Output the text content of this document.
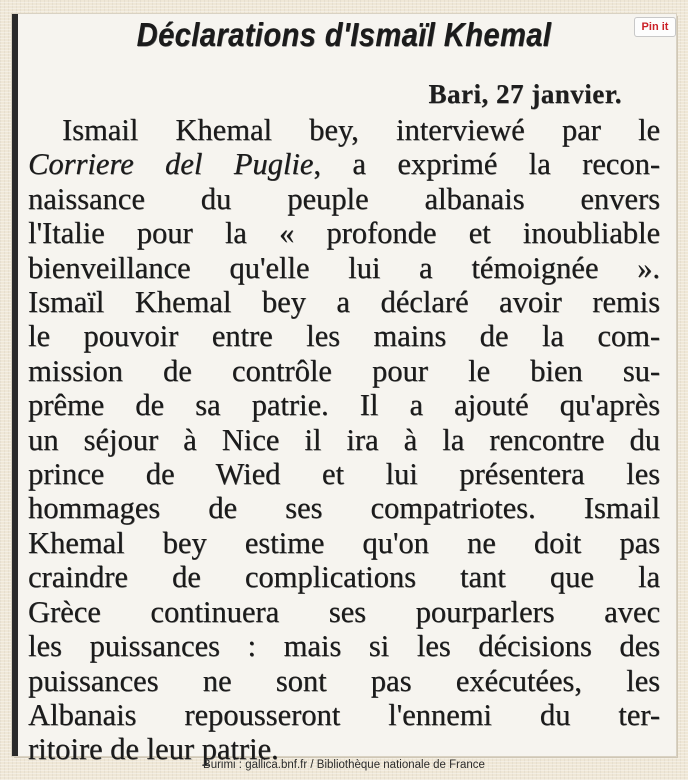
Déclarations d'Ismaïl Khemal	Pin it
Bari, 27 janvier.
Ismail Khemal bey, interviewé par le
Corriere del Puglie, a exprimé la recon-
naissance du peuple albanais envers
l'Italie pour la « profonde et inoubliable
bienveillance qu'elle lui a témoignée ».
Ismaïl Khemal bey a déclaré avoir remis
le pouvoir entre les mains de la com-
mission de contrôle pour le bien su-
prême de sa patrie. Il a ajouté qu'après
un séjour à Nice il ira à la rencontre du
prince de Wied et lui présentera les
hommages de ses compatriotes. Ismail
Khemal bey estime qu'on ne doit pas
craindre de complications tant que la
Grèce continuera ses pourparlers avec
les puissances : mais si les décisions des
puissances ne sont pas exécutées, les
Albanais repousseront l'ennemi du ter-
ritoire de leur patrie.
Burimi : gallica.bnf.fr / Bibliothèque nationale de France
